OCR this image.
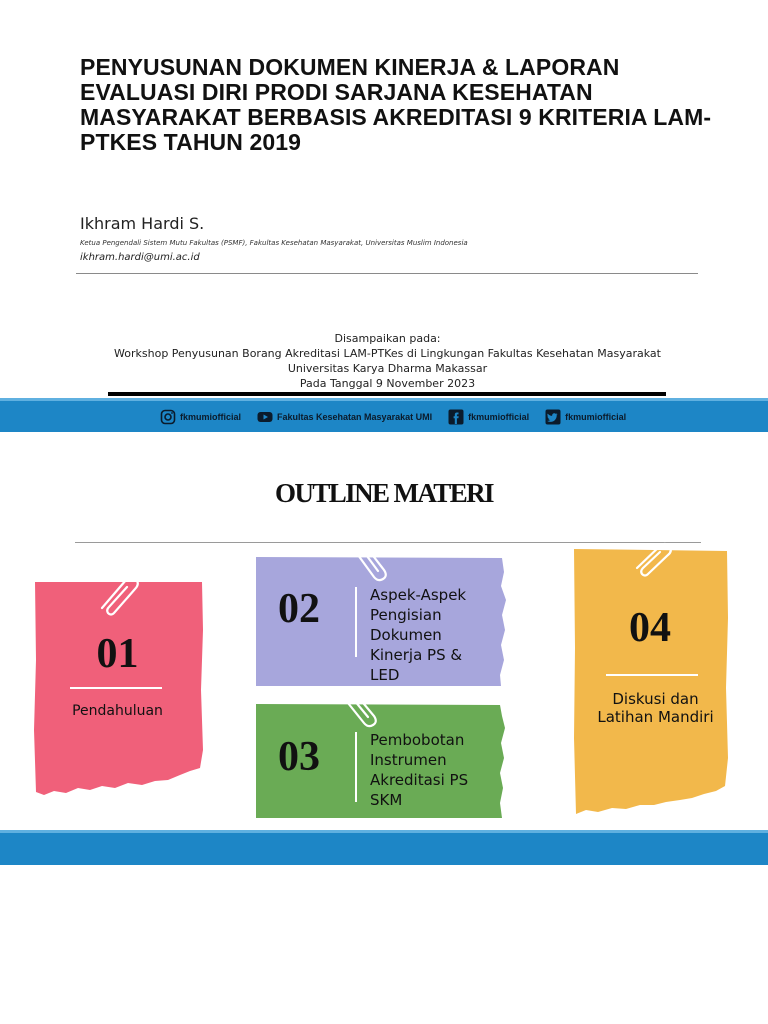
PENYUSUNAN DOKUMEN KINERJA & LAPORAN EVALUASI DIRI PRODI SARJANA KESEHATAN MASYARAKAT BERBASIS AKREDITASI 9 KRITERIA LAM-PTKES TAHUN 2019
Ikhram Hardi S.
Ketua Pengendali Sistem Mutu Fakultas (PSMF), Fakultas Kesehatan Masyarakat, Universitas Muslim Indonesia
ikhram.hardi@umi.ac.id
Disampaikan pada:
Workshop Penyusunan Borang Akreditasi LAM-PTKes di Lingkungan Fakultas Kesehatan Masyarakat
Universitas Karya Dharma Makassar
Pada Tanggal 9 November 2023
fkmumiofficial	Fakultas Kesehatan Masyarakat UMI	fkmumiofficial	fkmumiofficial
OUTLINE MATERI
01
Pendahuluan
02	Aspek-Aspek Pengisian Dokumen Kinerja PS & LED
03	Pembobotan Instrumen Akreditasi PS SKM
04
Diskusi dan Latihan Mandiri
